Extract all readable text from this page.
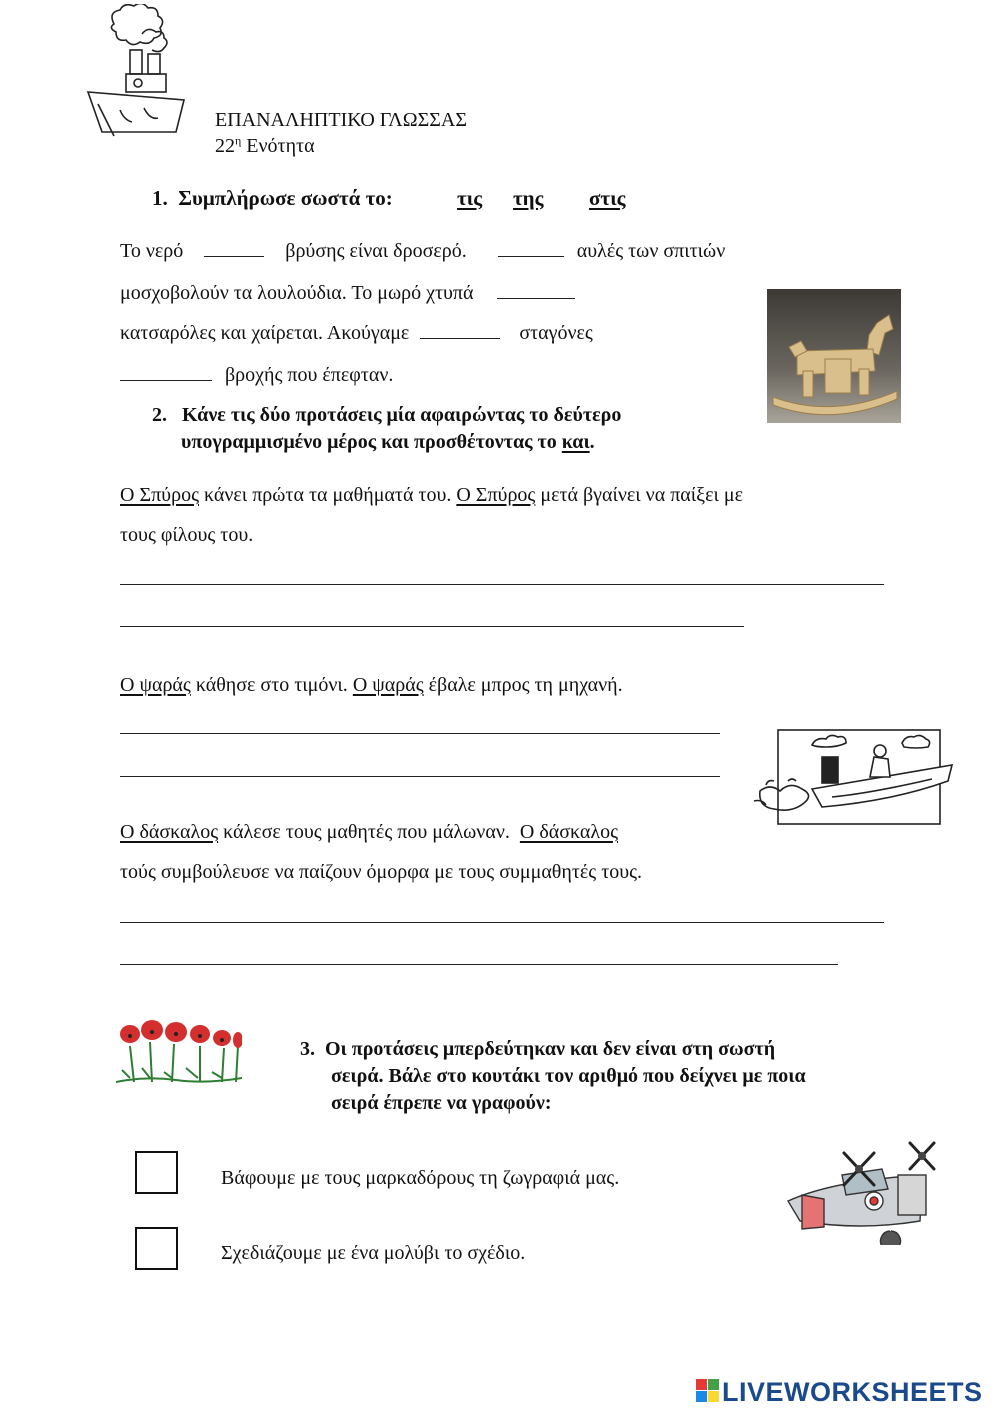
ΕΠΑΝΑΛΗΠΤΙΚΟ ΓΛΩΣΣΑΣ
$22^\eta$ Ενότητα
1. Συμπλήρωσε σωστά το:	τις της στις
Το νερό	βρύσης είναι δροσερό.	αυλές των σπιτιών
μοσχοβολούν τα λουλούδια. Το μωρό χτυπά
κατσαρόλες και χαίρεται. Ακούγαμε	σταγόνες
βροχής που έπεφταν.
2. Κάνε τις δύο προτάσεις μία αφαιρώντας το δεύτερο
υπογραμμισμένο μέρος και προσθέτοντας το και.
Ο Σπύρος κάνει πρώτα τα μαθήματά του. Ο Σπύρος μετά βγαίνει να παίξει με
τους φίλους του.
Ο ψαράς κάθησε στο τιμόνι. Ο ψαράς έβαλε μπρος τη μηχανή.
Ο δάσκαλος κάλεσε τους μαθητές που μάλωναν.  Ο δάσκαλος
τούς συμβούλευσε να παίζουν όμορφα με τους συμμαθητές τους.
3. Οι προτάσεις μπερδεύτηκαν και δεν είναι στη σωστή
σειρά. Βάλε στο κουτάκι τον αριθμό που δείχνει με ποια
σειρά έπρεπε να γραφούν:
Βάφουμε με τους μαρκαδόρους τη ζωγραφιά μας.
Σχεδιάζουμε με ένα μολύβι το σχέδιο.
LIVEWORKSHEETS
